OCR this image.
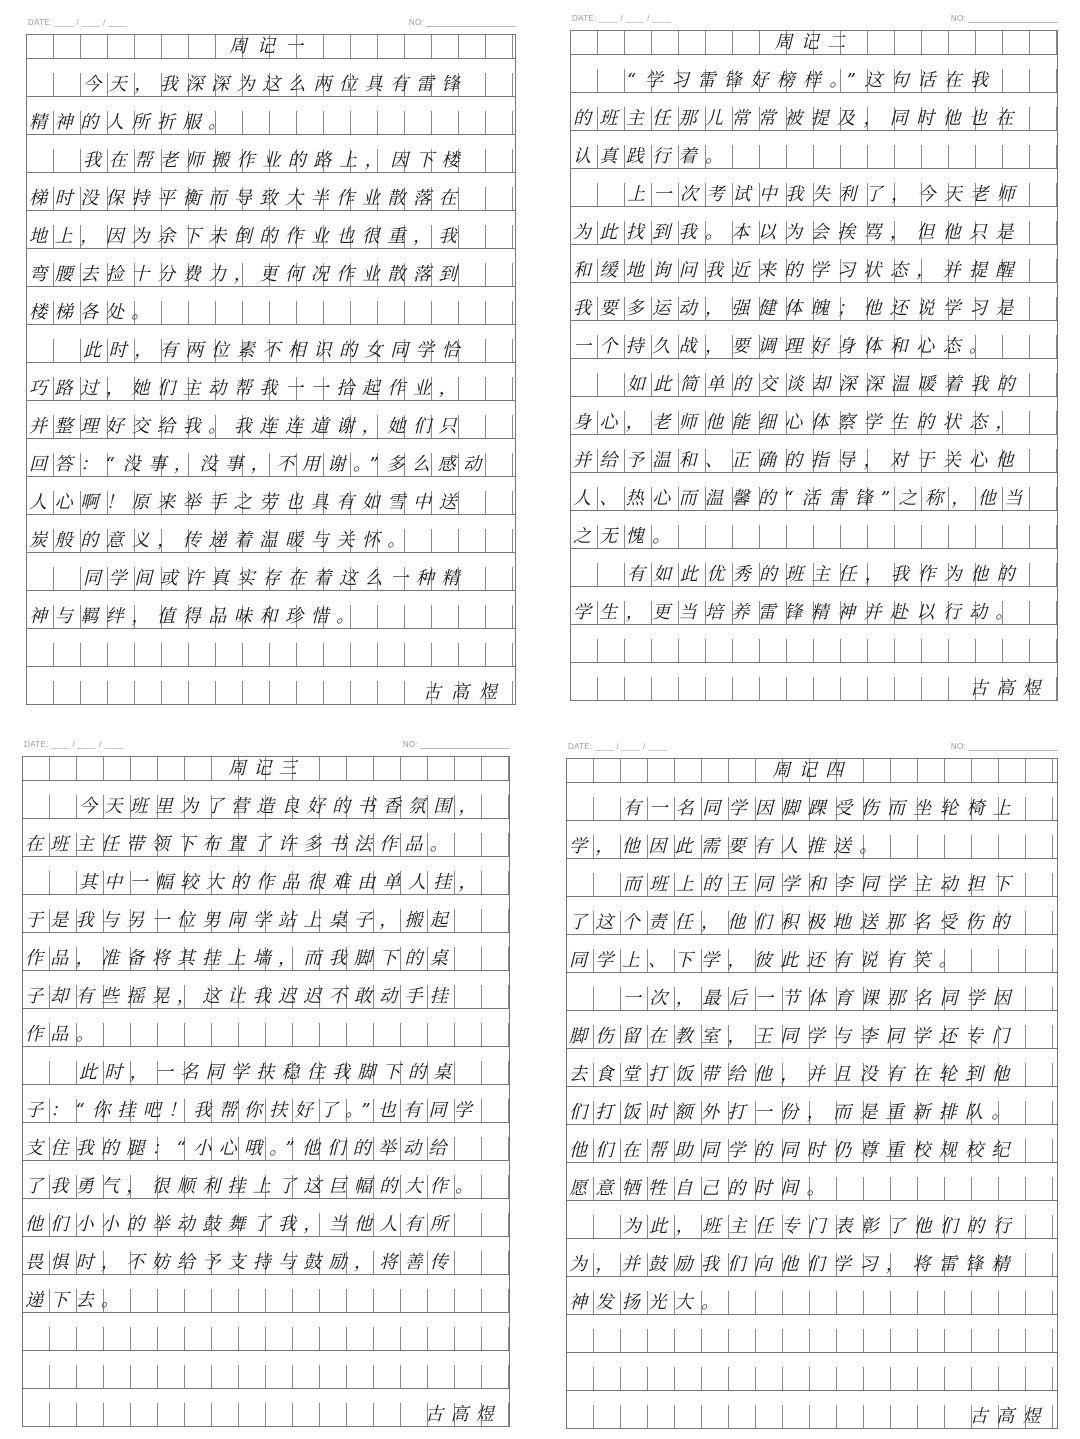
DATE: ____ / ____ / ____	NO:
周记一
今天，我深深为这么两位具有雷锋
精神的人所折服。
我在帮老师搬作业的路上，因下楼
梯时没保持平衡而导致大半作业散落在
地上，因为余下未倒的作业也很重，我
弯腰去捡十分费力，更何况作业散落到
楼梯各处。
此时，有两位素不相识的女同学恰
巧路过，她们主动帮我一一拾起作业，
并整理好交给我。我连连道谢，她们只
回答：“没事，没事，不用谢。”多么感动
人心啊！原来举手之劳也具有如雪中送
炭般的意义，传递着温暖与关怀。
同学间或许真实存在着这么一种精
神与羁绊，值得品味和珍惜。
古高煜
DATE: ____ / ____ / ____	NO:
周记二
“学习雷锋好榜样。”这句话在我
的班主任那儿常常被提及，同时他也在
认真践行着。
上一次考试中我失利了，今天老师
为此找到我。本以为会挨骂，但他只是
和缓地询问我近来的学习状态，并提醒
我要多运动，强健体魄；他还说学习是
一个持久战，要调理好身体和心态。
如此简单的交谈却深深温暖着我的
身心，老师他能细心体察学生的状态，
并给予温和、正确的指导，对于关心他
人、热心而温馨的“活雷锋”之称，他当
之无愧。
有如此优秀的班主任，我作为他的
学生，更当培养雷锋精神并赴以行动。
古高煜
DATE: ____ / ____ / ____	NO:
周记三
今天班里为了营造良好的书香氛围，
在班主任带领下布置了许多书法作品。
其中一幅较大的作品很难由单人挂，
于是我与另一位男同学站上桌子，搬起
作品，准备将其挂上墙，而我脚下的桌
子却有些摇晃，这让我迟迟不敢动手挂
作品。
此时，一名同学扶稳住我脚下的桌
子：“你挂吧！我帮你扶好了。”也有同学
支住我的腿：“小心哦。”他们的举动给
了我勇气，很顺利挂上了这巨幅的大作。
他们小小的举动鼓舞了我，当他人有所
畏惧时，不妨给予支持与鼓励，将善传
递下去。
古高煜
DATE: ____ / ____ / ____	NO:
周记四
有一名同学因脚踝受伤而坐轮椅上
学，他因此需要有人推送。
而班上的王同学和李同学主动担下
了这个责任，他们积极地送那名受伤的
同学上、下学，彼此还有说有笑。
一次，最后一节体育课那名同学因
脚伤留在教室，王同学与李同学还专门
去食堂打饭带给他，并且没有在轮到他
们打饭时额外打一份，而是重新排队。
他们在帮助同学的同时仍尊重校规校纪
愿意牺牲自己的时间。
为此，班主任专门表彰了他们的行
为，并鼓励我们向他们学习，将雷锋精
神发扬光大。
古高煜
